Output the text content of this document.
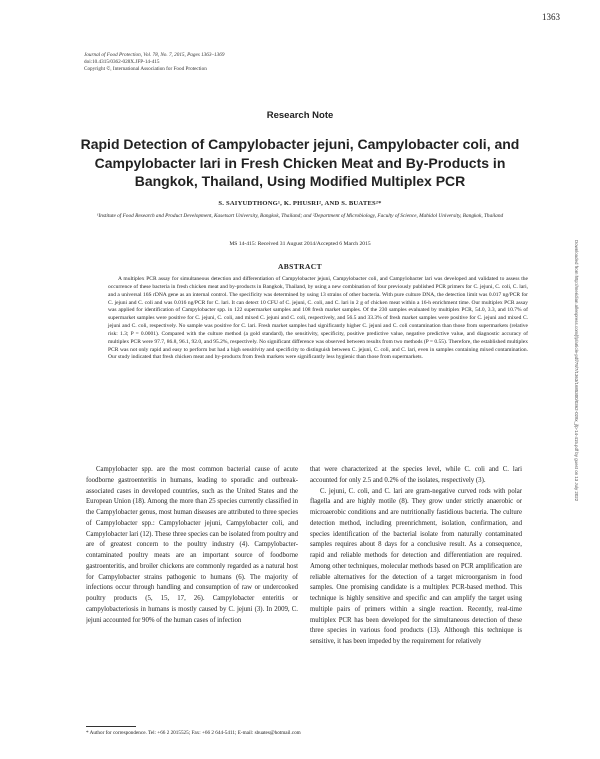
1363
Journal of Food Protection, Vol. 78, No. 7, 2015, Pages 1363–1369
doi:10.4315/0362-028X.JFP-14-415
Copyright ©, International Association for Food Protection
Research Note
Rapid Detection of Campylobacter jejuni, Campylobacter coli, and Campylobacter lari in Fresh Chicken Meat and By-Products in Bangkok, Thailand, Using Modified Multiplex PCR
S. SAIYUDTHONG¹, K. PHUSRI², AND S. BUATES²*
¹Institute of Food Research and Product Development, Kasetsart University, Bangkok, Thailand; and ²Department of Microbiology, Faculty of Science, Mahidol University, Bangkok, Thailand
MS 14-415: Received 31 August 2014/Accepted 6 March 2015
ABSTRACT
A multiplex PCR assay for simultaneous detection and differentiation of Campylobacter jejuni, Campylobacter coli, and Campylobacter lari was developed and validated to assess the occurrence of these bacteria in fresh chicken meat and by-products in Bangkok, Thailand, by using a new combination of four previously published PCR primers for C. jejuni, C. coli, C. lari, and a universal 16S rDNA gene as an internal control. The specificity was determined by using 13 strains of other bacteria. With pure culture DNA, the detection limit was 0.017 ng/PCR for C. jejuni and C. coli and was 0.016 ng/PCR for C. lari. It can detect 10 CFU of C. jejuni, C. coli, and C. lari in 2 g of chicken meat within a 16-h enrichment time. Our multiplex PCR assay was applied for identification of Campylobacter spp. in 122 supermarket samples and 108 fresh market samples. Of the 230 samples evaluated by multiplex PCR, 54.0, 3.3, and 10.7% of supermarket samples were positive for C. jejuni, C. coli, and mixed C. jejuni and C. coli, respectively, and 56.5 and 33.3% of fresh market samples were positive for C. jejuni and mixed C. jejuni and C. coli, respectively. No sample was positive for C. lari. Fresh market samples had significantly higher C. jejuni and C. coli contamination than those from supermarkets (relative risk: 1.3; P = 0.0001). Compared with the culture method (a gold standard), the sensitivity, specificity, positive predictive value, negative predictive value, and diagnostic accuracy of multiplex PCR were 97.7, 86.8, 96.1, 92.0, and 95.2%, respectively. No significant difference was observed between results from two methods (P = 0.55). Therefore, the established multiplex PCR was not only rapid and easy to perform but had a high sensitivity and specificity to distinguish between C. jejuni, C. coli, and C. lari, even in samples containing mixed contamination. Our study indicated that fresh chicken meat and by-products from fresh markets were significantly less hygienic than those from supermarkets.	Downloaded from http://meridian.allenpress.com/jfp/article-pdf/78/7/1363/1685300/0362-028x_jfp-14-415.pdf by guest on 13 July 2022

Campylobacter spp. are the most common bacterial cause of acute foodborne gastroenteritis in humans, leading to sporadic and outbreak-associated cases in developed countries, such as the United States and the European Union (18). Among the more than 25 species currently classified in the Campylobacter genus, most human diseases are attributed to three species of Campylobacter spp.: Campylobacter jejuni, Campylobacter coli, and Campylobacter lari (12). These three species can be isolated from poultry and are of greatest concern to the poultry industry (4). Campylobacter-contaminated poultry meats are an important source of foodborne gastroenteritis, and broiler chickens are commonly regarded as a natural host for Campylobacter strains pathogenic to humans (6). The majority of infections occur through handling and consumption of raw or undercooked poultry products (5, 15, 17, 26). Campylobacter enteritis or campylobacteriosis in humans is mostly caused by C. jejuni (3). In 2009, C. jejuni accounted for 90% of the human cases of infection

that were characterized at the species level, while C. coli and C. lari accounted for only 2.5 and 0.2% of the isolates, respectively (3).

C. jejuni, C. coli, and C. lari are gram-negative curved rods with polar flagella and are highly motile (8). They grow under strictly anaerobic or microaerobic conditions and are nutritionally fastidious bacteria. The culture detection method, including preenrichment, isolation, confirmation, and species identification of the bacterial isolate from naturally contaminated samples requires about 8 days for a conclusive result. As a consequence, rapid and reliable methods for detection and differentiation are required. Among other techniques, molecular methods based on PCR amplification are reliable alternatives for the detection of a target microorganism in food samples. One promising candidate is a multiplex PCR-based method. This technique is highly sensitive and specific and can amplify the target using multiple pairs of primers within a single reaction. Recently, real-time multiplex PCR has been developed for the simultaneous detection of these three species in various food products (13). Although this technique is sensitive, it has been impeded by the requirement for relatively

* Author for correspondence. Tel: +66 2 2015525; Fax: +66 2 644-5411; E-mail: sbuates@hotmail.com
